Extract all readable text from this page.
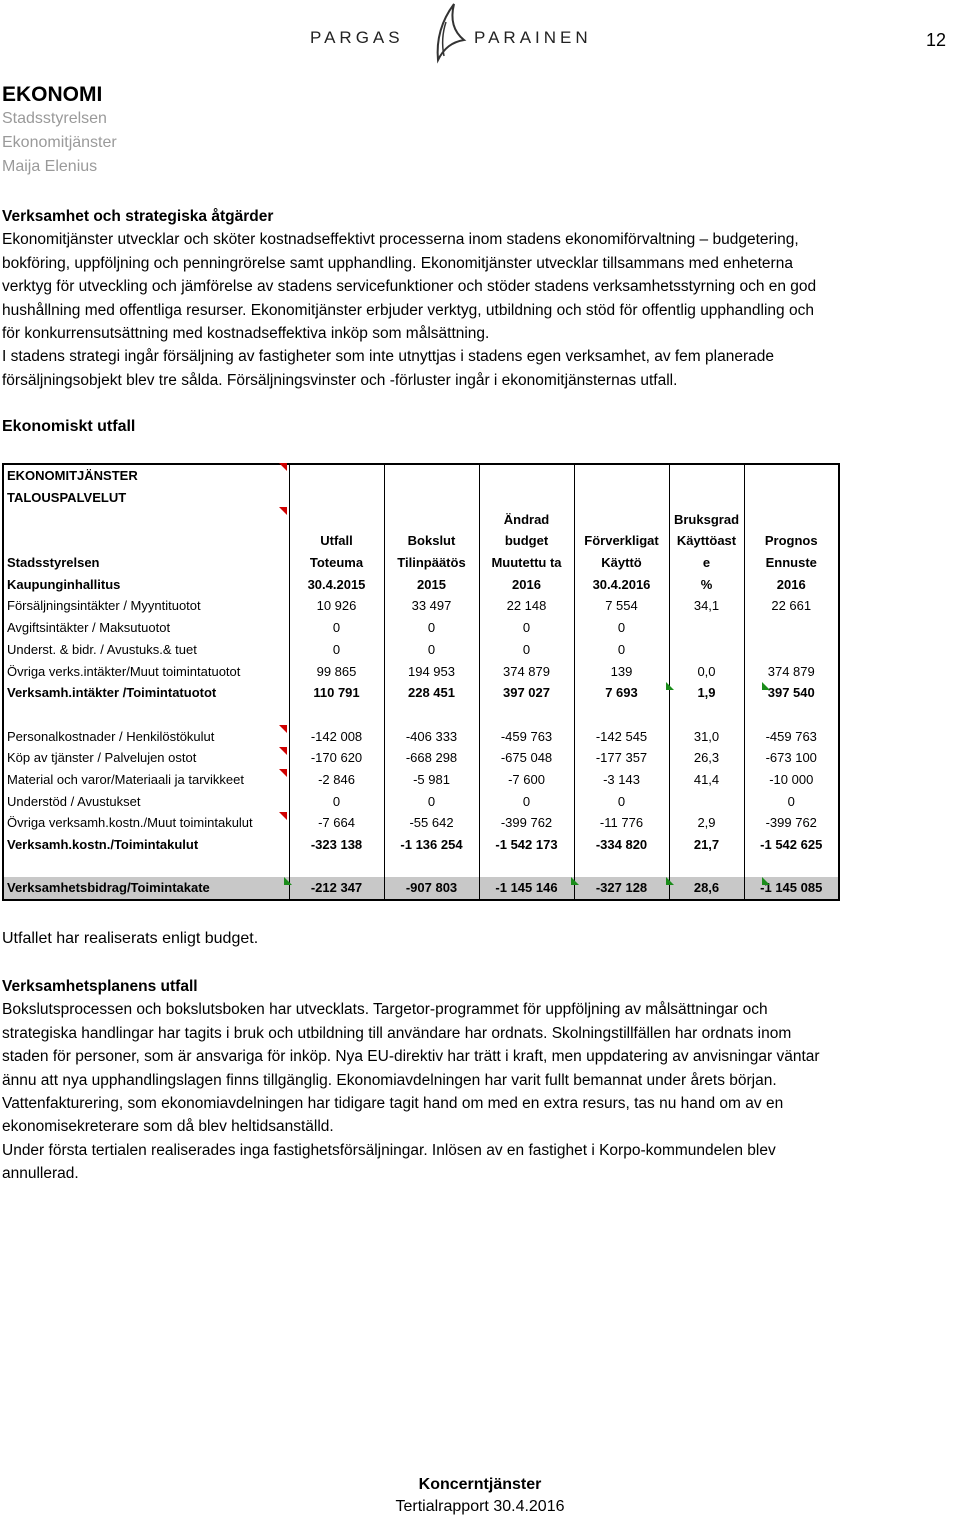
PARGAS	PARAINEN	12
EKONOMI
Stadsstyrelsen
Ekonomitjänster
Maija Elenius
Verksamhet och strategiska åtgärder
Ekonomitjänster utvecklar och sköter kostnadseffektivt processerna inom stadens ekonomiförvaltning – budgetering,
bokföring, uppföljning och penningrörelse samt upphandling. Ekonomitjänster utvecklar tillsammans med enheterna
verktyg för utveckling och jämförelse av stadens servicefunktioner och stöder stadens verksamhetsstyrning och en god
hushållning med offentliga resurser. Ekonomitjänster erbjuder verktyg, utbildning och stöd för offentlig upphandling och
för konkurrensutsättning med kostnadseffektiva inköp som målsättning.
I stadens strategi ingår försäljning av fastigheter som inte utnyttjas i stadens egen verksamhet, av fem planerade
försäljningsobjekt blev tre sålda. Försäljningsvinster och -förluster ingår i ekonomitjänsternas utfall.
Ekonomiskt utfall
EKONOMITJÄNSTER						
TALOUSPALVELUT						
			Ändrad		Bruksgrad	
	Utfall	Bokslut	budget	Förverkligat	Käyttöast	Prognos
Stadsstyrelsen	Toteuma	Tilinpäätös	Muutettu ta	Käyttö	e	Ennuste
Kaupunginhallitus	30.4.2015	2015	2016	30.4.2016	%	2016
Försäljningsintäkter / Myyntituotot	10 926	33 497	22 148	7 554	34,1	22 661
Avgiftsintäkter / Maksutuotot	0	0	0	0		
Underst. & bidr. / Avustuks.& tuet	0	0	0	0		
Övriga verks.intäkter/Muut toimintatuotot	99 865	194 953	374 879	139	0,0	374 879
Verksamh.intäkter /Toimintatuotot	110 791	228 451	397 027	7 693	1,9	397 540

Personalkostnader / Henkilöstökulut	-142 008	-406 333	-459 763	-142 545	31,0	-459 763
Köp av tjänster / Palvelujen ostot	-170 620	-668 298	-675 048	-177 357	26,3	-673 100
Material och varor/Materiaali ja tarvikkeet	-2 846	-5 981	-7 600	-3 143	41,4	-10 000
Understöd / Avustukset	0	0	0	0		0
Övriga verksamh.kostn./Muut toimintakulut	-7 664	-55 642	-399 762	-11 776	2,9	-399 762
Verksamh.kostn./Toimintakulut	-323 138	-1 136 254	-1 542 173	-334 820	21,7	-1 542 625

Verksamhetsbidrag/Toimintakate	-212 347	-907 803	-1 145 146	-327 128	28,6	-1 145 085
Utfallet har realiserats enligt budget.
Verksamhetsplanens utfall
Bokslutsprocessen och bokslutsboken har utvecklats. Targetor-programmet för uppföljning av målsättningar och
strategiska handlingar har tagits i bruk och utbildning till användare har ordnats. Skolningstillfällen har ordnats inom
staden för personer, som är ansvariga för inköp. Nya EU-direktiv har trätt i kraft, men uppdatering av anvisningar väntar
ännu att nya upphandlingslagen finns tillgänglig. Ekonomiavdelningen har varit fullt bemannat under årets början.
Vattenfakturering, som ekonomiavdelningen har tidigare tagit hand om med en extra resurs, tas nu hand om av en
ekonomisekreterare som då blev heltidsanställd.
Under första tertialen realiserades inga fastighetsförsäljningar. Inlösen av en fastighet i Korpo-kommundelen blev
annullerad.
Koncerntjänster
Tertialrapport 30.4.2016
